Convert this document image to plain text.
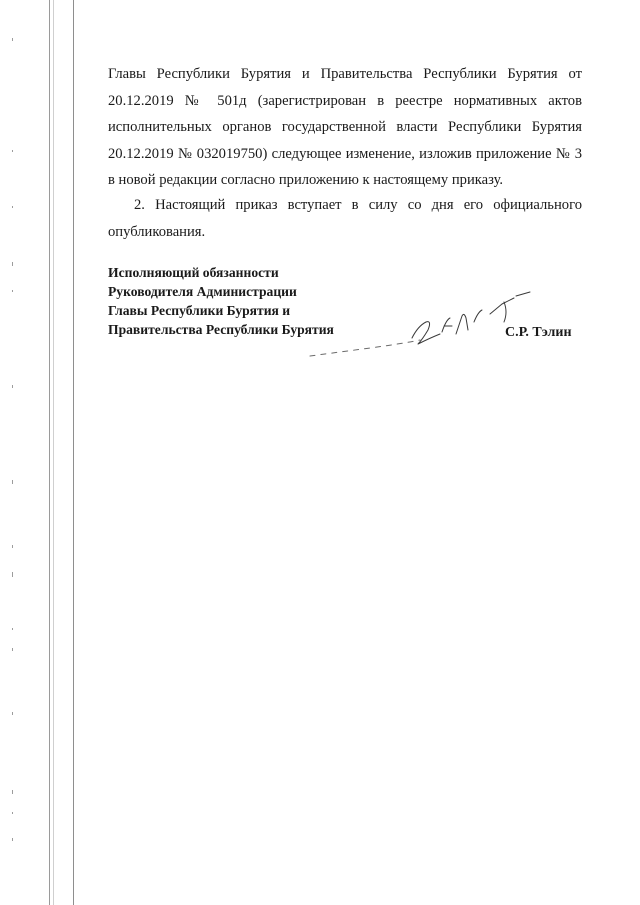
Главы Республики Бурятия и Правительства Республики Бурятия от

20.12.2019 № 501д (зарегистрирован в реестре нормативных актов

исполнительных органов государственной власти Республики Бурятия

20.12.2019 № 032019750) следующее изменение, изложив приложение № 3

в новой редакции согласно приложению к настоящему приказу.

2. Настоящий приказ вступает в силу со дня его официального опубликования.

Исполняющий обязанности
Руководителя Администрации
Главы Республики Бурятия и
Правительства Республики Бурятия	С.Р. Тэлин
